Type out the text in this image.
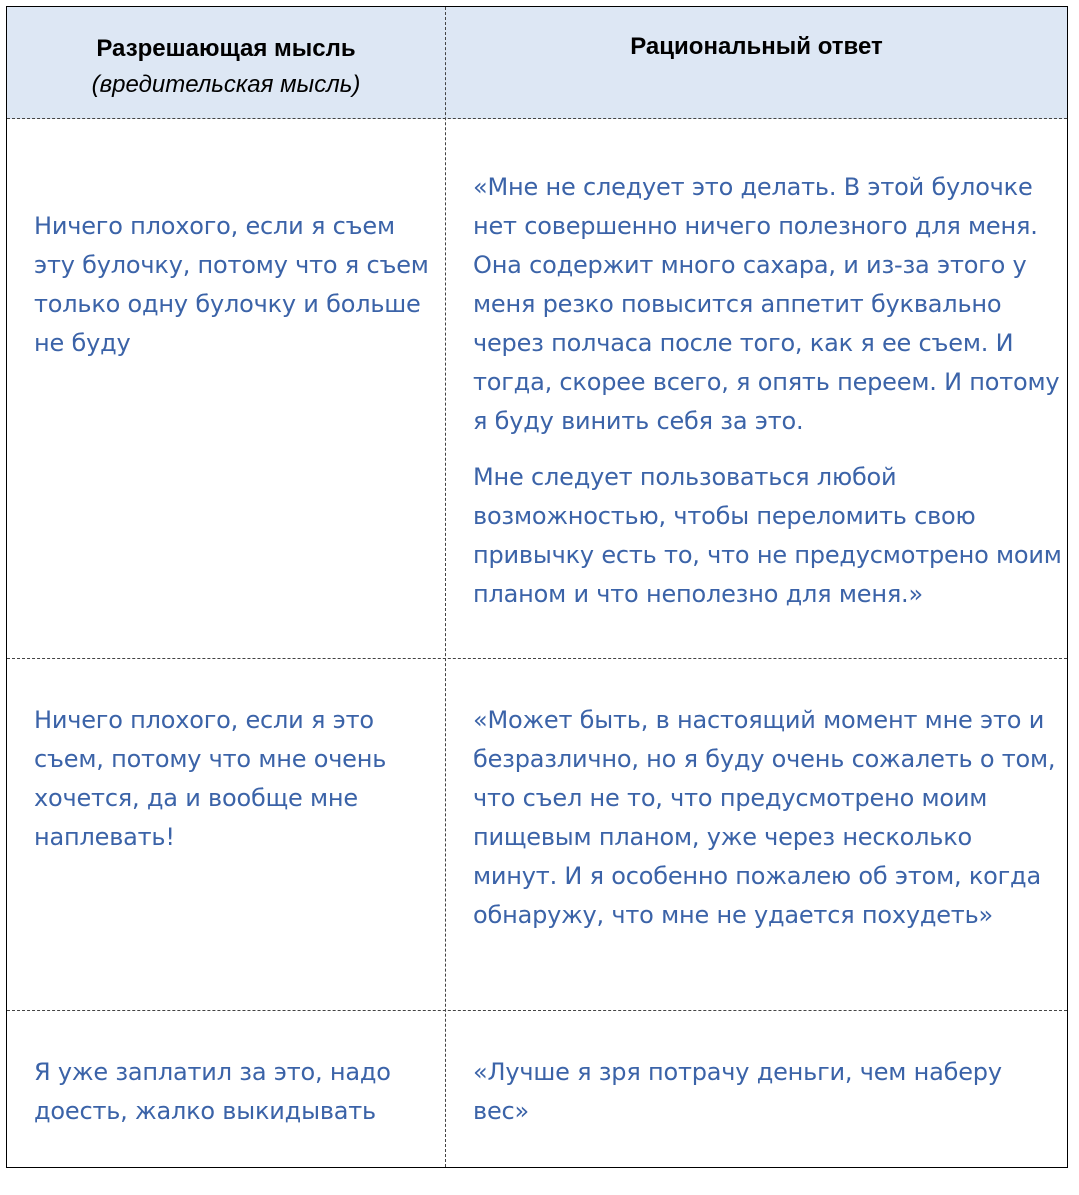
Разрешающая мысль
(вредительская мысль)
Рациональный ответ
Ничего плохого, если я съем эту булочку, потому что я съем только одну булочку и больше не буду

«Мне не следует это делать. В этой булочке нет совершенно ничего полезного для меня. Она содержит много сахара, и из-за этого у меня резко повысится аппетит буквально через полчаса после того, как я ее съем. И тогда, скорее всего, я опять переем. И потому я буду винить себя за это.

Мне следует пользоваться любой возможностью, чтобы переломить свою привычку есть то, что не предусмотрено моим планом и что неполезно для меня.»

Ничего плохого, если я это съем, потому что мне очень хочется, да и вообще мне наплевать!

«Может быть, в настоящий момент мне это и безразлично, но я буду очень сожалеть о том, что съел не то, что предусмотрено моим пищевым планом, уже через несколько минут. И я особенно пожалею об этом, когда обнаружу, что мне не удается похудеть»

Я уже заплатил за это, надо доесть, жалко выкидывать

«Лучше я зря потрачу деньги, чем наберу вес»
